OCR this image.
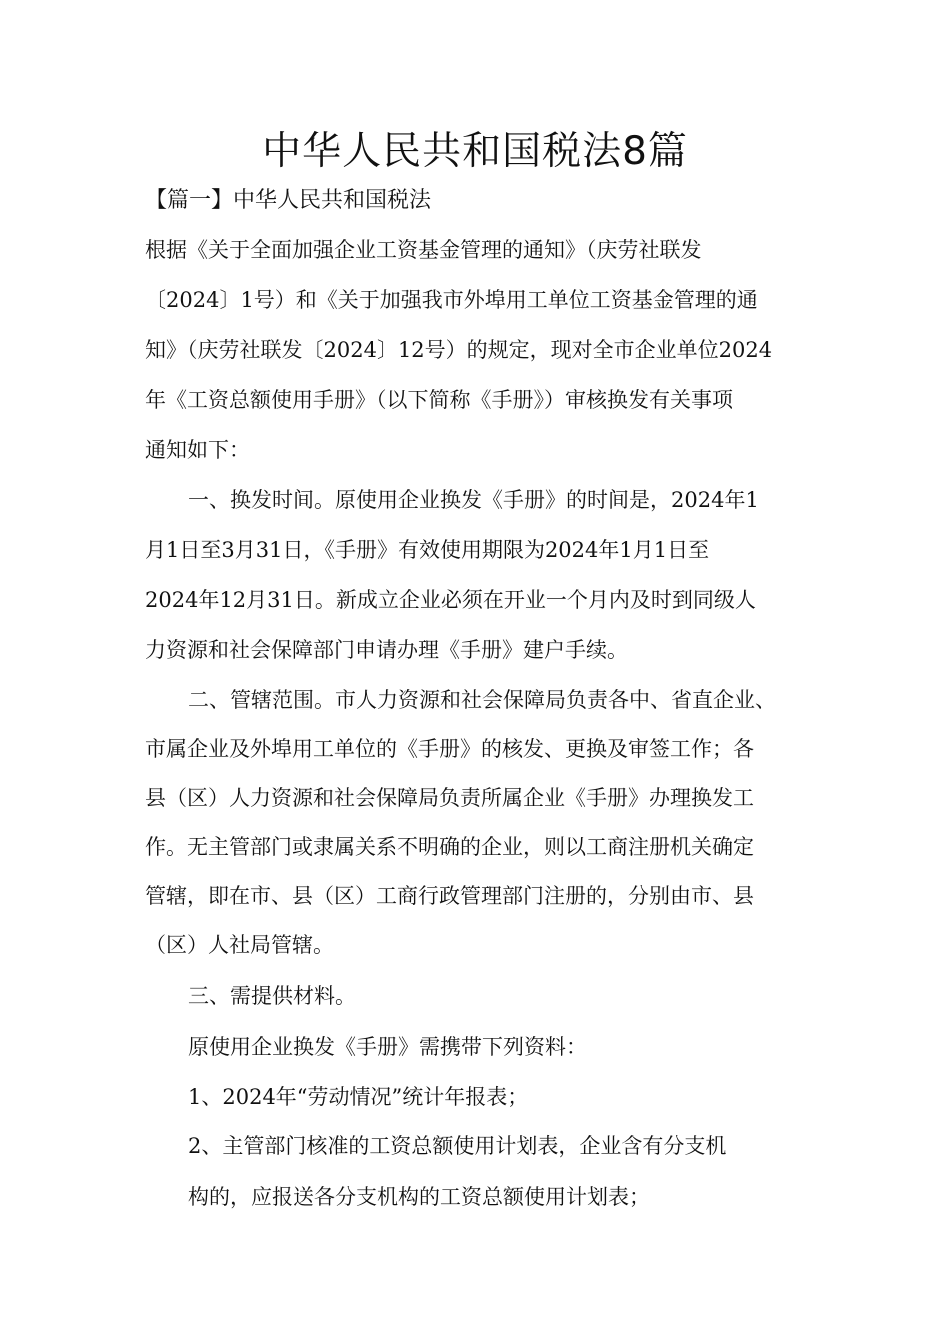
中华人民共和国税法8篇
【篇一】中华人民共和国税法
根据《关于全面加强企业工资基金管理的通知》（庆劳社联发
〔2024〕1号）和《关于加强我市外埠用工单位工资基金管理的通
知》（庆劳社联发〔2024〕12号）的规定，现对全市企业单位2024
年《工资总额使用手册》（以下简称《手册》）审核换发有关事项
通知如下：
一、换发时间。原使用企业换发《手册》的时间是，2024年1
月1日至3月31日，《手册》有效使用期限为2024年1月1日至
2024年12月31日。新成立企业必须在开业一个月内及时到同级人
力资源和社会保障部门申请办理《手册》建户手续。
二、管辖范围。市人力资源和社会保障局负责各中、省直企业、
市属企业及外埠用工单位的《手册》的核发、更换及审签工作；各
县（区）人力资源和社会保障局负责所属企业《手册》办理换发工
作。无主管部门或隶属关系不明确的企业，则以工商注册机关确定
管辖，即在市、县（区）工商行政管理部门注册的，分别由市、县
（区）人社局管辖。
三、需提供材料。
原使用企业换发《手册》需携带下列资料：
1、2024年“劳动情况”统计年报表；
2、主管部门核准的工资总额使用计划表，企业含有分支机
构的，应报送各分支机构的工资总额使用计划表；
